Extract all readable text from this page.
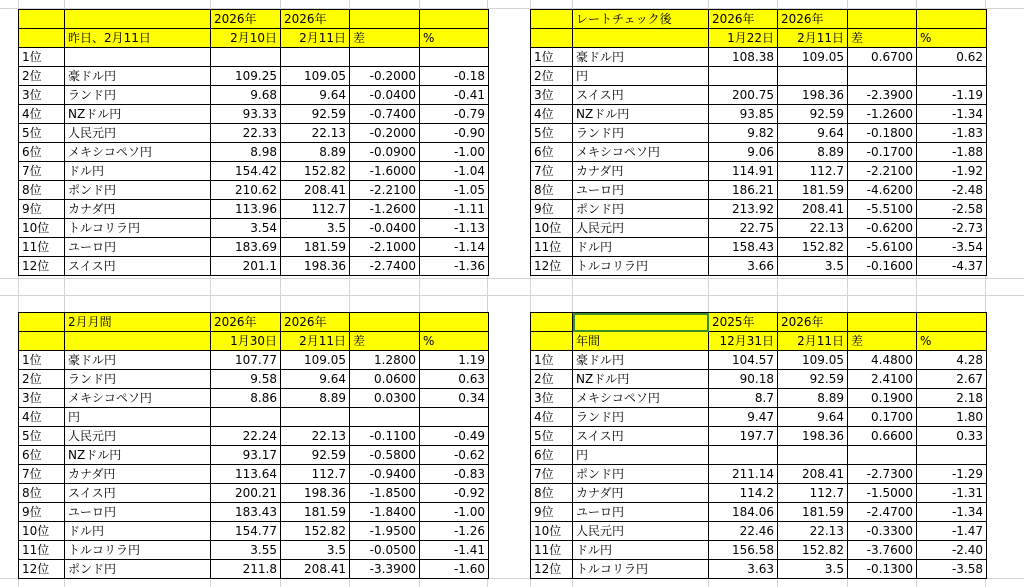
		2026年	2026年		
	昨日、2月11日	2月10日	2月11日	差	%
1位					
2位	豪ドル円	109.25	109.05	-0.2000	-0.18
3位	ランド円	9.68	9.64	-0.0400	-0.41
4位	NZドル円	93.33	92.59	-0.7400	-0.79
5位	人民元円	22.33	22.13	-0.2000	-0.90
6位	メキシコペソ円	8.98	8.89	-0.0900	-1.00
7位	ドル円	154.42	152.82	-1.6000	-1.04
8位	ポンド円	210.62	208.41	-2.2100	-1.05
9位	カナダ円	113.96	112.7	-1.2600	-1.11
10位	トルコリラ円	3.54	3.5	-0.0400	-1.13
11位	ユーロ円	183.69	181.59	-2.1000	-1.14
12位	スイス円	201.1	198.36	-2.7400	-1.36
	レートチェック後	2026年	2026年		
		1月22日	2月11日	差	%
1位	豪ドル円	108.38	109.05	0.6700	0.62
2位	円				
3位	スイス円	200.75	198.36	-2.3900	-1.19
4位	NZドル円	93.85	92.59	-1.2600	-1.34
5位	ランド円	9.82	9.64	-0.1800	-1.83
6位	メキシコペソ円	9.06	8.89	-0.1700	-1.88
7位	カナダ円	114.91	112.7	-2.2100	-1.92
8位	ユーロ円	186.21	181.59	-4.6200	-2.48
9位	ポンド円	213.92	208.41	-5.5100	-2.58
10位	人民元円	22.75	22.13	-0.6200	-2.73
11位	ドル円	158.43	152.82	-5.6100	-3.54
12位	トルコリラ円	3.66	3.5	-0.1600	-4.37
	2月月間	2026年	2026年		
		1月30日	2月11日	差	%
1位	豪ドル円	107.77	109.05	1.2800	1.19
2位	ランド円	9.58	9.64	0.0600	0.63
3位	メキシコペソ円	8.86	8.89	0.0300	0.34
4位	円				
5位	人民元円	22.24	22.13	-0.1100	-0.49
6位	NZドル円	93.17	92.59	-0.5800	-0.62
7位	カナダ円	113.64	112.7	-0.9400	-0.83
8位	スイス円	200.21	198.36	-1.8500	-0.92
9位	ユーロ円	183.43	181.59	-1.8400	-1.00
10位	ドル円	154.77	152.82	-1.9500	-1.26
11位	トルコリラ円	3.55	3.5	-0.0500	-1.41
12位	ポンド円	211.8	208.41	-3.3900	-1.60
		2025年	2026年		
	年間	12月31日	2月11日	差	%
1位	豪ドル円	104.57	109.05	4.4800	4.28
2位	NZドル円	90.18	92.59	2.4100	2.67
3位	メキシコペソ円	8.7	8.89	0.1900	2.18
4位	ランド円	9.47	9.64	0.1700	1.80
5位	スイス円	197.7	198.36	0.6600	0.33
6位	円				
7位	ポンド円	211.14	208.41	-2.7300	-1.29
8位	カナダ円	114.2	112.7	-1.5000	-1.31
9位	ユーロ円	184.06	181.59	-2.4700	-1.34
10位	人民元円	22.46	22.13	-0.3300	-1.47
11位	ドル円	156.58	152.82	-3.7600	-2.40
12位	トルコリラ円	3.63	3.5	-0.1300	-3.58
